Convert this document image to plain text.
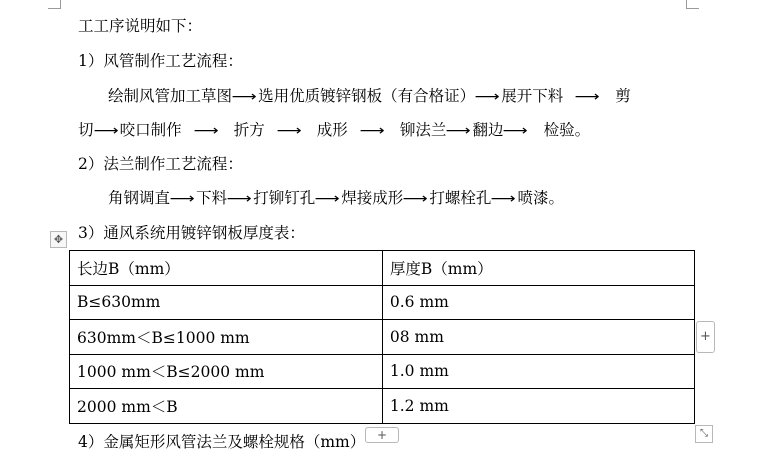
工工序说明如下：
1）风管制作工艺流程：
绘制风管加工草图⟶选用优质镀锌钢板（有合格证）⟶展开下料 ⟶ 剪
切⟶咬口制作 ⟶ 折方 ⟶ 成形 ⟶ 铆法兰⟶翻边⟶ 检验。
2）法兰制作工艺流程：
角钢调直⟶下料⟶打铆钉孔⟶焊接成形⟶打螺栓孔⟶喷漆。
✥ 3）通风系统用镀锌钢板厚度表：
长边B（mm）	厚度B（mm）
B≤630mm	0.6 mm
630mm＜B≤1000 mm	08 mm
1000 mm＜B≤2000 mm	1.0 mm
2000 mm＜B	1.2 mm
+
4）金属矩形风管法兰及螺栓规格（mm） +	⤡
